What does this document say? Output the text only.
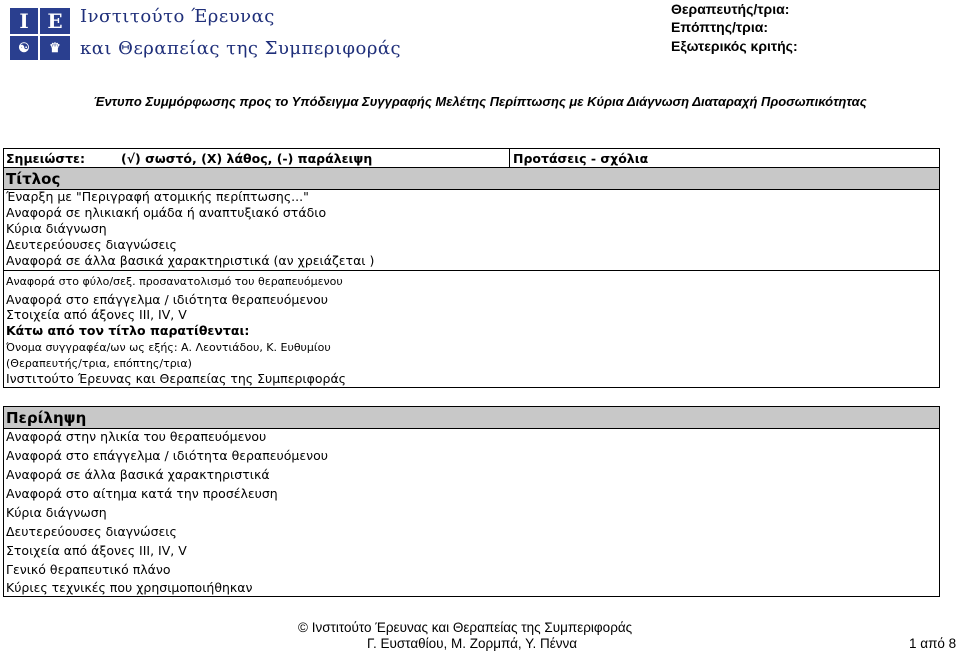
I E
☯	♛
Ινστιτούτο Έρευνας
και Θεραπείας της Συμπεριφοράς
Θεραπευτής/τρια:
Επόπτης/τρια:
Εξωτερικός κριτής:
Έντυπο Συμμόρφωσης προς το Υπόδειγμα Συγγραφής Μελέτης Περίπτωσης με Κύρια Διάγνωση Διαταραχή Προσωπικότητας
Σημειώστε:	(√) σωστό, (Χ) λάθος, (-) παράλειψη	Προτάσεις - σχόλια
Τίτλος
Έναρξη με "Περιγραφή ατομικής περίπτωσης..."
Αναφορά σε ηλικιακή ομάδα ή αναπτυξιακό στάδιο
Κύρια διάγνωση
Δευτερεύουσες διαγνώσεις
Αναφορά σε άλλα βασικά χαρακτηριστικά (αν χρειάζεται )
Αναφορά στο φύλο/σεξ. προσανατολισμό του θεραπευόμενου
Αναφορά στο επάγγελμα / ιδιότητα θεραπευόμενου
Στοιχεία από άξονες ΙΙΙ, IV, V
Κάτω από τον τίτλο παρατίθενται:
Όνομα συγγραφέα/ων ως εξής: Α. Λεοντιάδου, Κ. Ευθυμίου
(Θεραπευτής/τρια, επόπτης/τρια)
Ινστιτούτο Έρευνας και Θεραπείας της Συμπεριφοράς
Περίληψη
Αναφορά στην ηλικία του θεραπευόμενου
Αναφορά στο επάγγελμα / ιδιότητα θεραπευόμενου
Αναφορά σε άλλα βασικά χαρακτηριστικά
Αναφορά στο αίτημα κατά την προσέλευση
Κύρια διάγνωση
Δευτερεύουσες διαγνώσεις
Στοιχεία από άξονες ΙΙΙ, IV, V
Γενικό θεραπευτικό πλάνο
Κύριες τεχνικές που χρησιμοποιήθηκαν
© Ινστιτούτο Έρευνας και Θεραπείας της Συμπεριφοράς
Γ. Ευσταθίου, Μ. Ζορμπά, Υ. Πέννα	1 από 8
